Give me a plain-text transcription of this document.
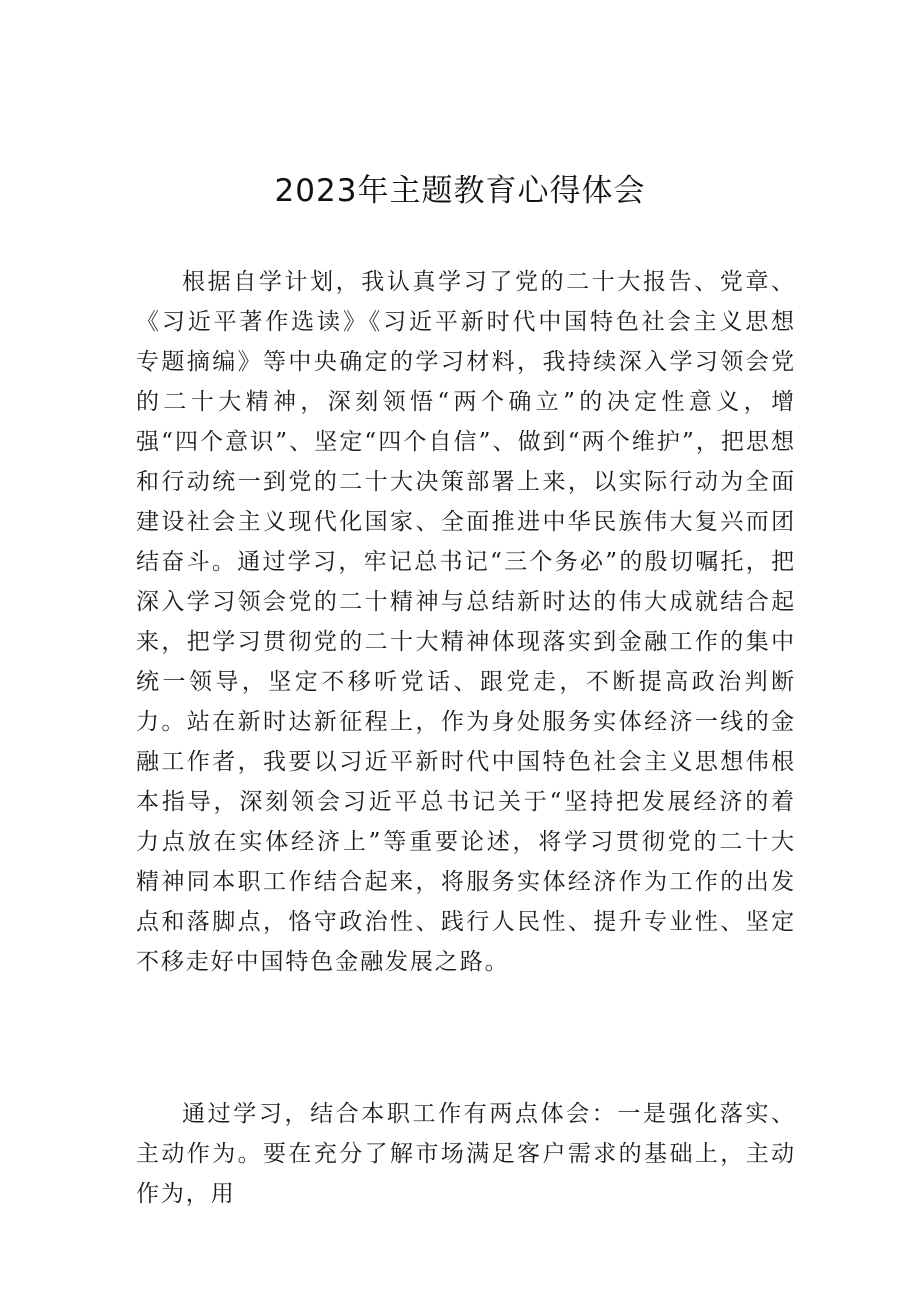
2023年主题教育心得体会

根据自学计划，我认真学习了党的二十大报告、党章、《习近平著作选读》《习近平新时代中国特色社会主义思想专题摘编》等中央确定的学习材料，我持续深入学习领会党的二十大精神，深刻领悟“两个确立”的决定性意义，增强“四个意识”、坚定“四个自信”、做到“两个维护”，把思想和行动统一到党的二十大决策部署上来，以实际行动为全面建设社会主义现代化国家、全面推进中华民族伟大复兴而团结奋斗。通过学习，牢记总书记“三个务必”的殷切嘱托，把深入学习领会党的二十精神与总结新时达的伟大成就结合起来，把学习贯彻党的二十大精神体现落实到金融工作的集中统一领导，坚定不移听党话、跟党走，不断提高政治判断力。站在新时达新征程上，作为身处服务实体经济一线的金融工作者，我要以习近平新时代中国特色社会主义思想伟根本指导，深刻领会习近平总书记关于“坚持把发展经济的着力点放在实体经济上”等重要论述，将学习贯彻党的二十大精神同本职工作结合起来，将服务实体经济作为工作的出发点和落脚点，恪守政治性、践行人民性、提升专业性、坚定不移走好中国特色金融发展之路。

通过学习，结合本职工作有两点体会：一是强化落实、主动作为。要在充分了解市场满足客户需求的基础上，主动作为，用
